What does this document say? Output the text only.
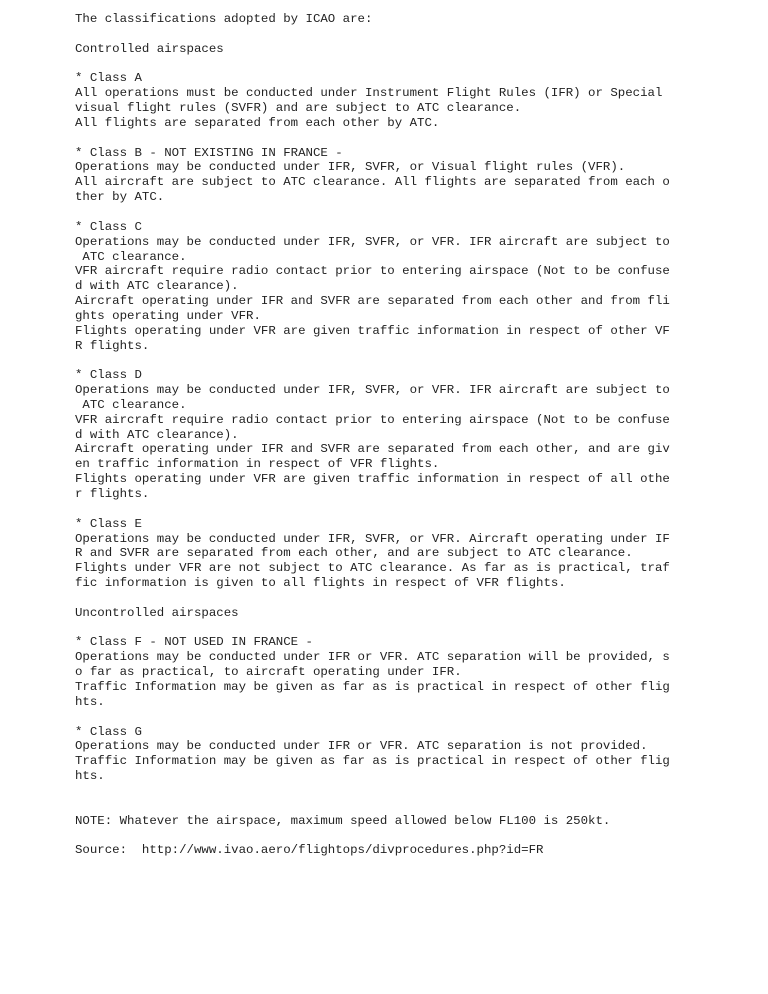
The classifications adopted by ICAO are:
Controlled airspaces
* Class A
All operations must be conducted under Instrument Flight Rules (IFR) or Special
visual flight rules (SVFR) and are subject to ATC clearance.
All flights are separated from each other by ATC.
* Class B - NOT EXISTING IN FRANCE -
Operations may be conducted under IFR, SVFR, or Visual flight rules (VFR).
All aircraft are subject to ATC clearance. All flights are separated from each o
ther by ATC.
* Class C
Operations may be conducted under IFR, SVFR, or VFR. IFR aircraft are subject to
ATC clearance.
VFR aircraft require radio contact prior to entering airspace (Not to be confuse
d with ATC clearance).
Aircraft operating under IFR and SVFR are separated from each other and from fli
ghts operating under VFR.
Flights operating under VFR are given traffic information in respect of other VF
R flights.
* Class D
Operations may be conducted under IFR, SVFR, or VFR. IFR aircraft are subject to
ATC clearance.
VFR aircraft require radio contact prior to entering airspace (Not to be confuse
d with ATC clearance).
Aircraft operating under IFR and SVFR are separated from each other, and are giv
en traffic information in respect of VFR flights.
Flights operating under VFR are given traffic information in respect of all othe
r flights.
* Class E
Operations may be conducted under IFR, SVFR, or VFR. Aircraft operating under IF
R and SVFR are separated from each other, and are subject to ATC clearance.
Flights under VFR are not subject to ATC clearance. As far as is practical, traf
fic information is given to all flights in respect of VFR flights.
Uncontrolled airspaces
* Class F - NOT USED IN FRANCE -
Operations may be conducted under IFR or VFR. ATC separation will be provided, s
o far as practical, to aircraft operating under IFR.
Traffic Information may be given as far as is practical in respect of other flig
hts.
* Class G
Operations may be conducted under IFR or VFR. ATC separation is not provided.
Traffic Information may be given as far as is practical in respect of other flig
hts.
NOTE: Whatever the airspace, maximum speed allowed below FL100 is 250kt.
Source:  http://www.ivao.aero/flightops/divprocedures.php?id=FR
